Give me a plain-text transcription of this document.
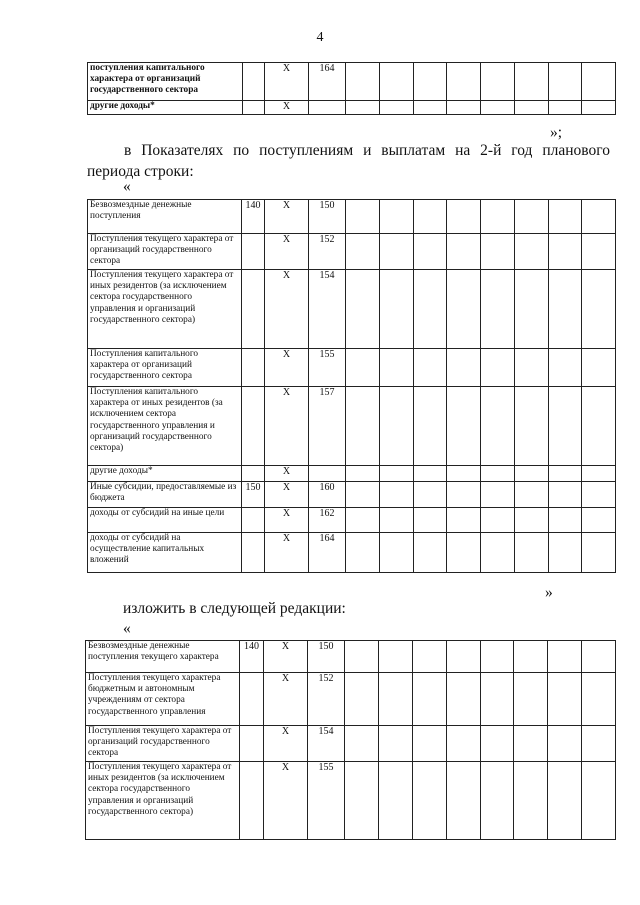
4
поступления капитального характера от организаций государственного сектора		X	164								
другие доходы*		X									
»;
в Показателях по поступлениям и выплатам на 2-й год планового периода строки:
«
Безвозмездные денежные поступления	140	X	150								
Поступления текущего характера от организаций государственного сектора		X	152								
Поступления текущего характера от иных резидентов (за исключением сектора государственного управления и организаций государственного сектора)		X	154								
Поступления капитального характера от организаций государственного сектора		X	155								
Поступления капитального характера от иных резидентов (за исключением сектора государственного управления и организаций государственного сектора)		X	157								
другие доходы*		X									
Иные субсидии, предоставляемые из бюджета	150	X	160								
доходы от субсидий на иные цели		X	162								
доходы от субсидий на осуществление капитальных вложений		X	164								
»
изложить в следующей редакции:
«
Безвозмездные денежные поступления текущего характера	140	X	150								
Поступления текущего характера бюджетным и автономным учреждениям от сектора государственного управления		X	152								
Поступления текущего характера от организаций государственного сектора		X	154								
Поступления текущего характера от иных резидентов (за исключением сектора государственного управления и организаций государственного сектора)		X	155								
